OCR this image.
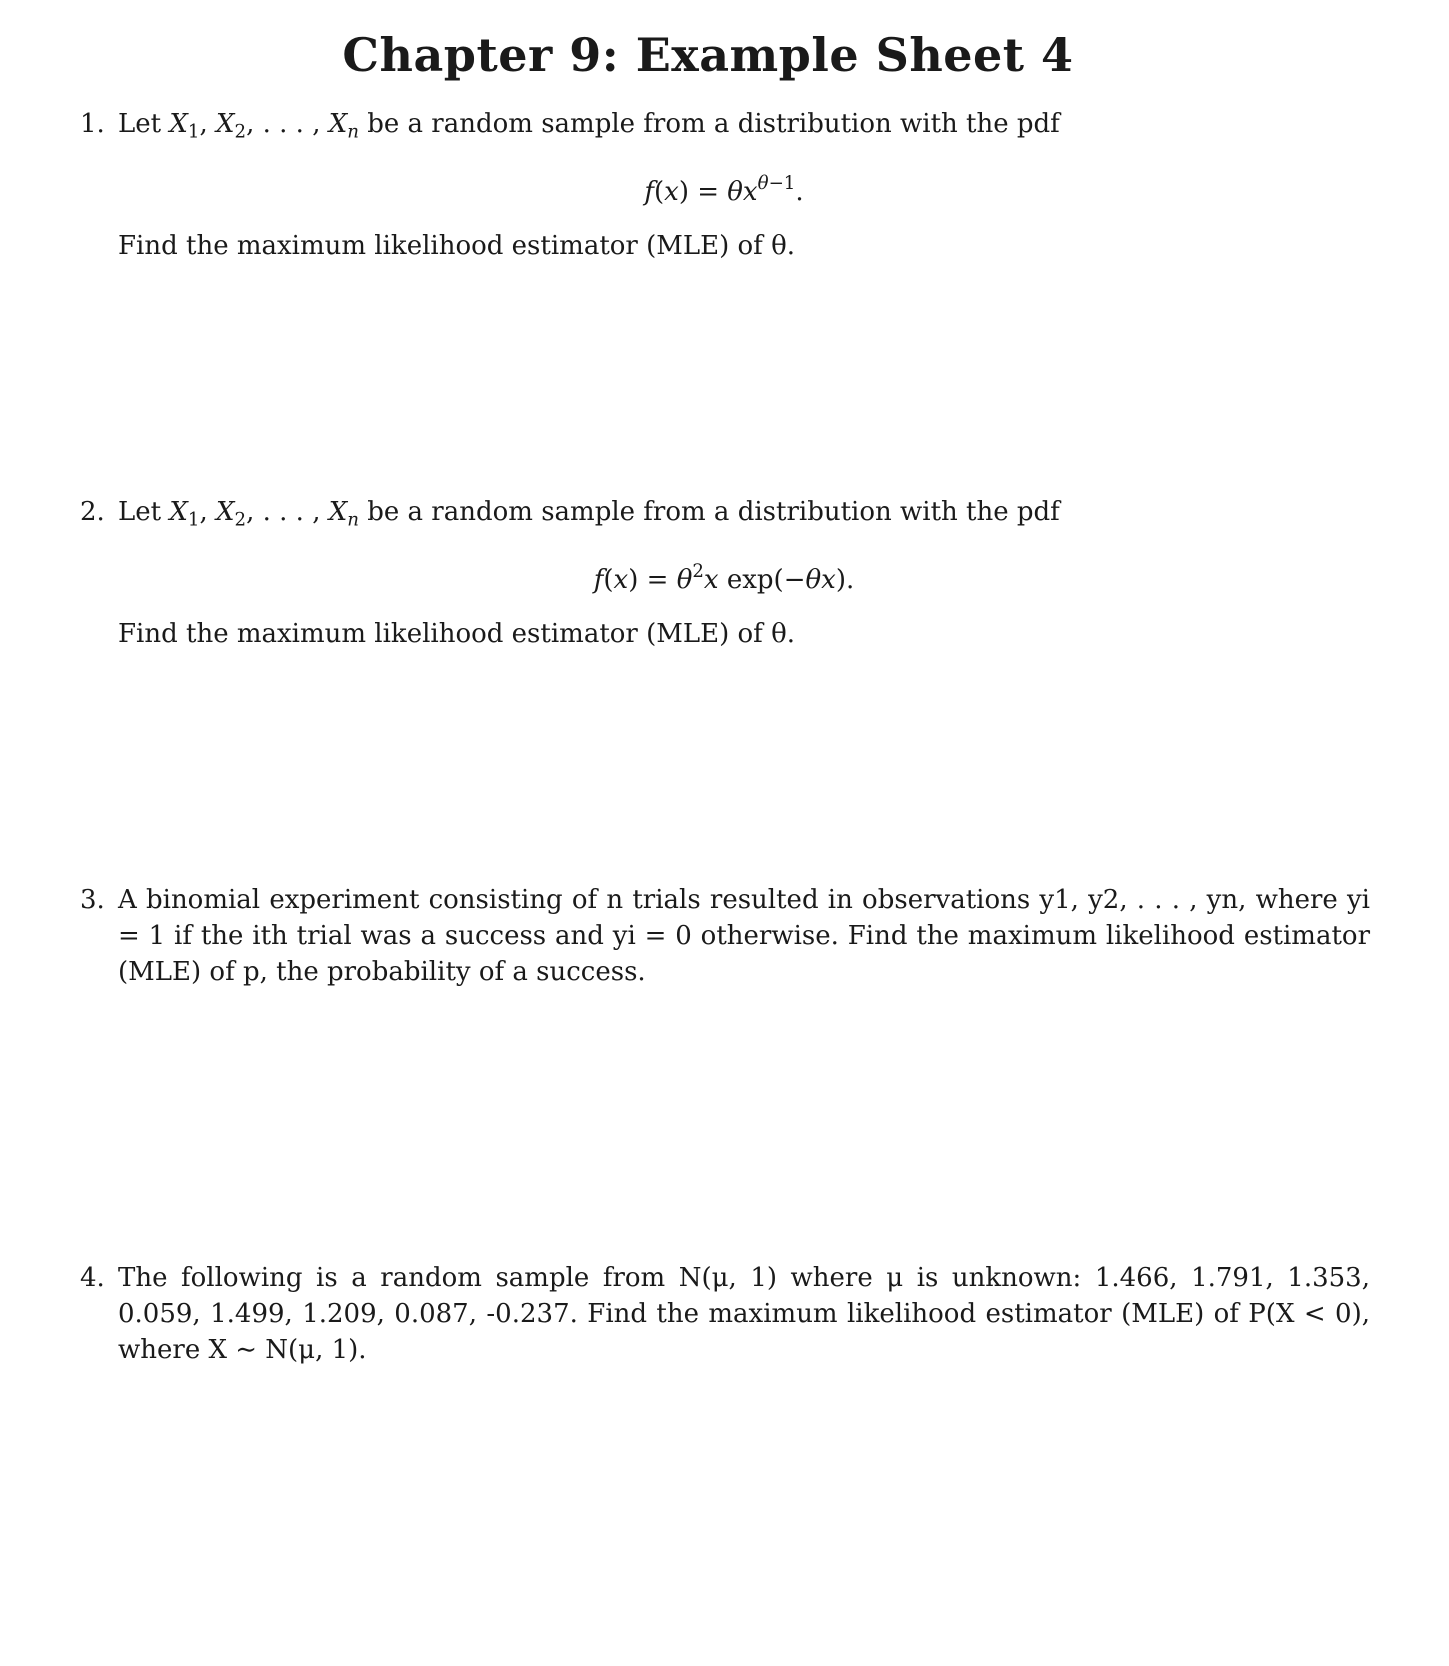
Chapter 9: Example Sheet 4
1. Let $X_1$, $X_2$, . . . , $X_n$ be a random sample from a distribution with the pdf
$f(x) = \theta x^{\theta-1}$.
Find the maximum likelihood estimator (MLE) of θ.
2. Let $X_1$, $X_2$, . . . , $X_n$ be a random sample from a distribution with the pdf
$f(x) = \theta^2x$ exp(−θx).
Find the maximum likelihood estimator (MLE) of θ.
3. A binomial experiment consisting of n trials resulted in observations y1, y2, . . . , yn, where yi = 1 if the ith trial was a success and yi = 0 otherwise. Find the maximum likelihood estimator (MLE) of p, the probability of a success.
4. The following is a random sample from N(μ, 1) where μ is unknown: 1.466, 1.791, 1.353, 0.059, 1.499, 1.209, 0.087, -0.237. Find the maximum likelihood estimator (MLE) of P(X < 0), where X ∼ N(μ, 1).
